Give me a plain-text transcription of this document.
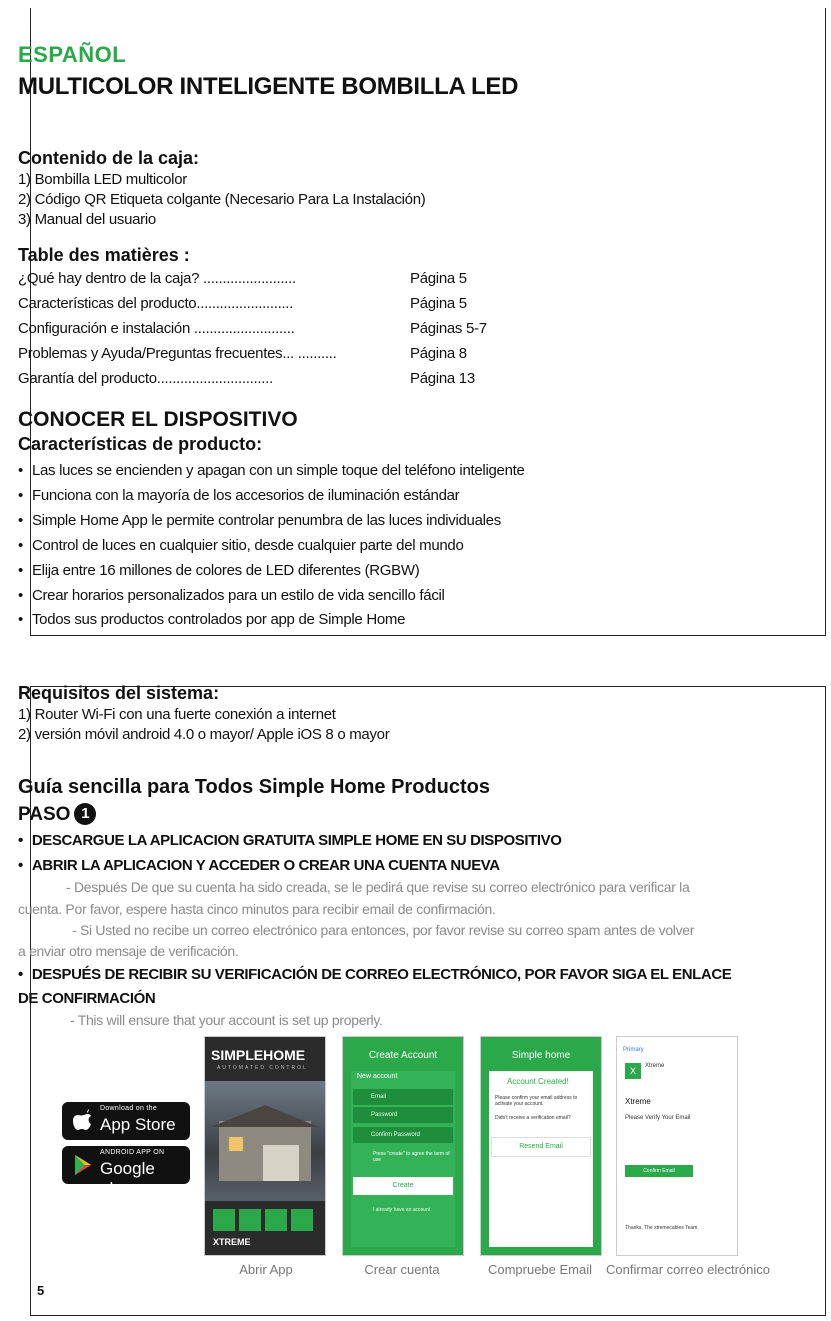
ESPAÑOL
MULTICOLOR INTELIGENTE BOMBILLA LED
Contenido de la caja:
1) Bombilla LED multicolor
2) Código QR Etiqueta colgante (Necesario Para La Instalación)
3) Manual del usuario
Table des matières :
¿Qué hay dentro de la caja? ........................	Página 5
Características del producto.........................	Página 5
Configuración e instalación ..........................	Páginas 5-7
Problemas y Ayuda/Preguntas frecuentes... ..........	Página 8
Garantía del producto..............................	Página 13
CONOCER EL DISPOSITIVO
Características de producto:
• Las luces se encienden y apagan con un simple toque del teléfono inteligente
• Funciona con la mayoría de los accesorios de iluminación estándar
• Simple Home App le permite controlar penumbra de las luces individuales
• Control de luces en cualquier sitio, desde cualquier parte del mundo
• Elija entre 16 millones de colores de LED diferentes (RGBW)
• Crear horarios personalizados para un estilo de vida sencillo fácil
• Todos sus productos controlados por app de Simple Home
Requisitos del sistema:
1) Router Wi-Fi con una fuerte conexión a internet
2) versión móvil android 4.0 o mayor/ Apple iOS 8 o mayor
Guía sencilla para Todos Simple Home Productos
PASO 1
• DESCARGUE LA APLICACION GRATUITA SIMPLE HOME EN SU DISPOSITIVO
• ABRIR LA APLICACION Y ACCEDER O CREAR UNA CUENTA NUEVA
- Después De que su cuenta ha sido creada, se le pedirá que revise su correo electrónico para verificar la
cuenta. Por favor, espere hasta cinco minutos para recibir email de confirmación.
- Si Usted no recibe un correo electrónico para entonces, por favor revise su correo spam antes de volver
a enviar otro mensaje de verificación.
• DESPUÉS DE RECIBIR SU VERIFICACIÓN DE CORREO ELECTRÓNICO, POR FAVOR SIGA EL ENLACE
DE CONFIRMACIÓN
- This will ensure that your account is set up properly.
Download on the
App Store
ANDROID APP ON
Google play
SIMPLEHOME
AUTOMATED CONTROL
XTREME
Create Account
New account
Email
Password
Confirm Password
Press "create" to agree the term of use
Create
I already have an account
Simple home
Account Created!
Please confirm your email address to activate your account.
Didn't receive a verification email?
Resend Email
Primary
X	Xtreme
Xtreme
Please Verify Your Email
Confirm Email
Thanks, The xtremecables Team
Abrir App	Crear cuenta	Compruebe Email	Confirmar correo electrónico
5
